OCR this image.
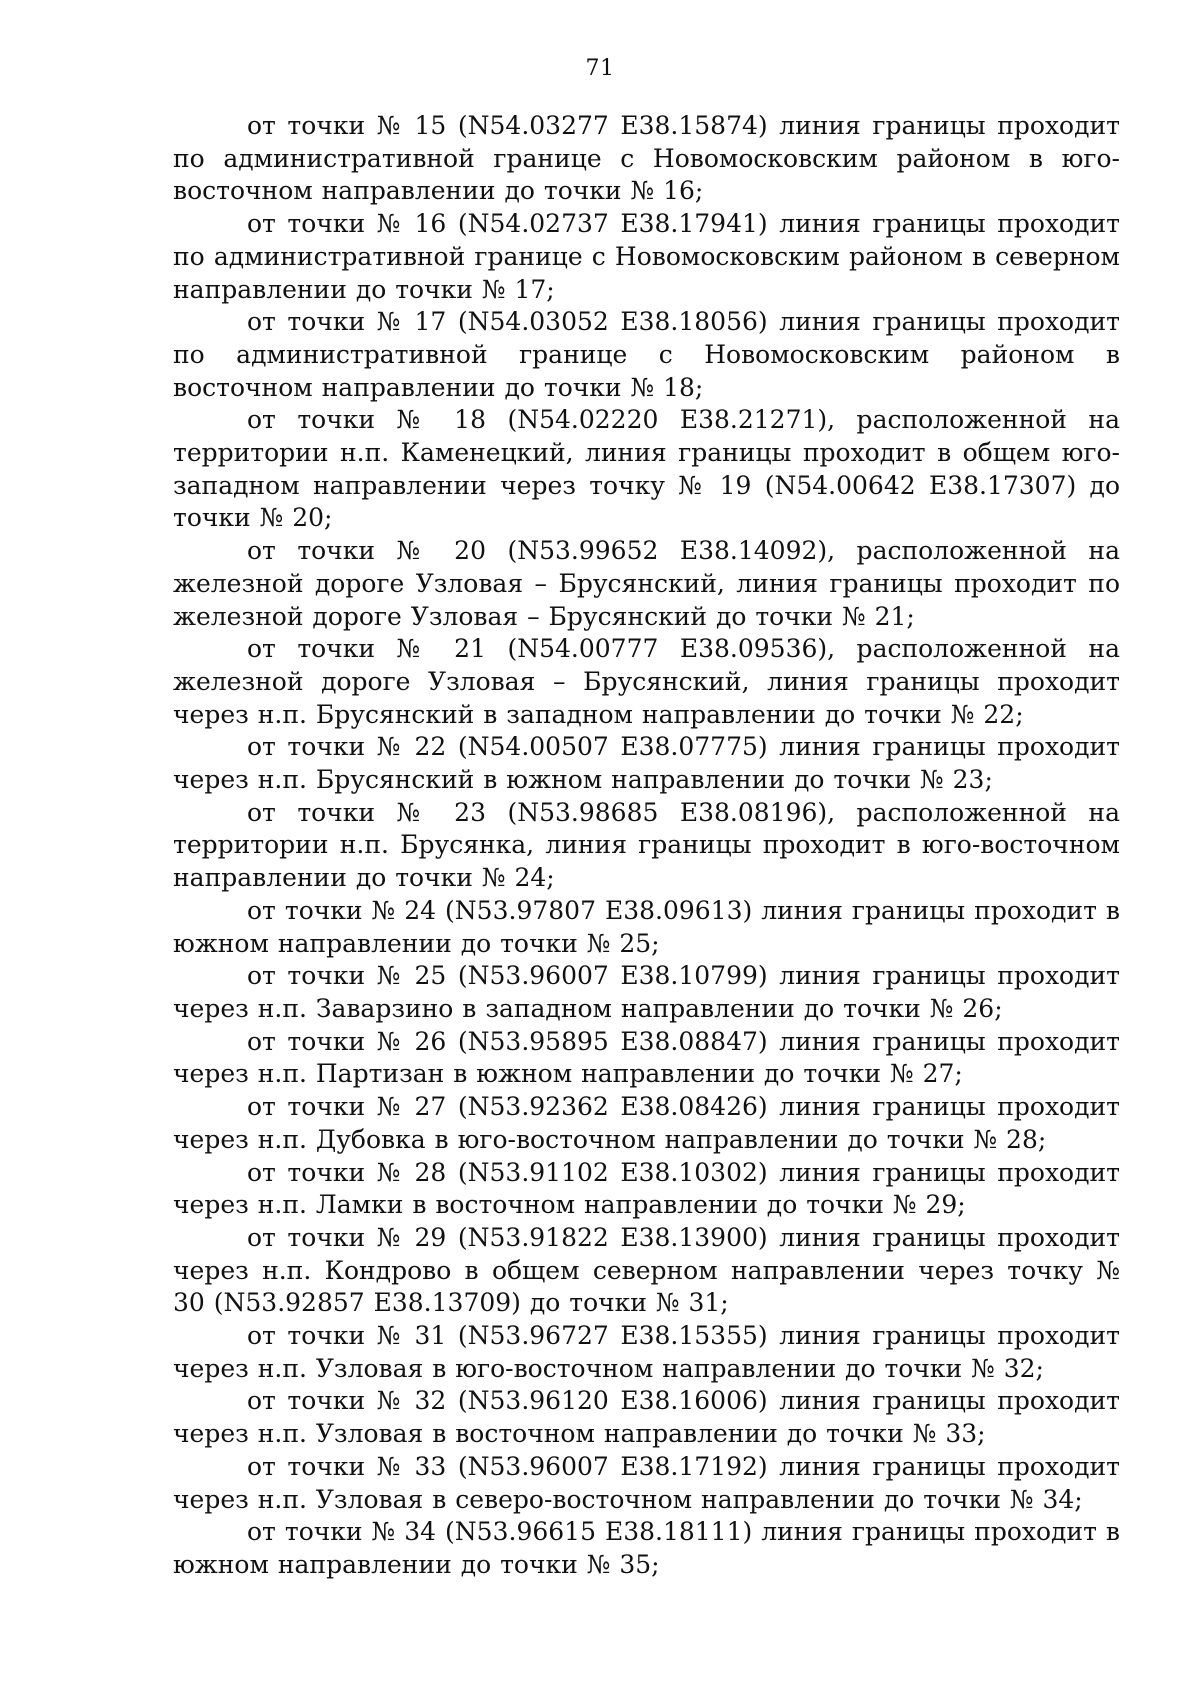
71

от точки № 15 (N54.03277 E38.15874) линия границы проходит по административной границе с Новомосковским районом в юго-восточном направлении до точки № 16;

от точки № 16 (N54.02737 E38.17941) линия границы проходит по административной границе с Новомосковским районом в северном направлении до точки № 17;

от точки № 17 (N54.03052 E38.18056) линия границы проходит по административной границе с Новомосковским районом в восточном направлении до точки № 18;

от точки № 18 (N54.02220 E38.21271), расположенной на территории н.п. Каменецкий, линия границы проходит в общем юго-западном направлении через точку № 19 (N54.00642 E38.17307) до точки № 20;

от точки № 20 (N53.99652 E38.14092), расположенной на железной дороге Узловая – Брусянский, линия границы проходит по железной дороге Узловая – Брусянский до точки № 21;

от точки № 21 (N54.00777 E38.09536), расположенной на железной дороге Узловая – Брусянский, линия границы проходит через н.п. Брусянский в западном направлении до точки № 22;

от точки № 22 (N54.00507 E38.07775) линия границы проходит через н.п. Брусянский в южном направлении до точки № 23;

от точки № 23 (N53.98685 E38.08196), расположенной на территории н.п. Брусянка, линия границы проходит в юго-восточном направлении до точки № 24;

от точки № 24 (N53.97807 E38.09613) линия границы проходит в южном направлении до точки № 25;

от точки № 25 (N53.96007 E38.10799) линия границы проходит через н.п. Заварзино в западном направлении до точки № 26;

от точки № 26 (N53.95895 E38.08847) линия границы проходит через н.п. Партизан в южном направлении до точки № 27;

от точки № 27 (N53.92362 E38.08426) линия границы проходит через н.п. Дубовка в юго-восточном направлении до точки № 28;

от точки № 28 (N53.91102 E38.10302) линия границы проходит через н.п. Ламки в восточном направлении до точки № 29;

от точки № 29 (N53.91822 E38.13900) линия границы проходит через н.п. Кондрово в общем северном направлении через точку № 30 (N53.92857 E38.13709) до точки № 31;

от точки № 31 (N53.96727 E38.15355) линия границы проходит через н.п. Узловая в юго-восточном направлении до точки № 32;

от точки № 32 (N53.96120 E38.16006) линия границы проходит через н.п. Узловая в восточном направлении до точки № 33;

от точки № 33 (N53.96007 E38.17192) линия границы проходит через н.п. Узловая в северо-восточном направлении до точки № 34;

от точки № 34 (N53.96615 E38.18111) линия границы проходит в южном направлении до точки № 35;
